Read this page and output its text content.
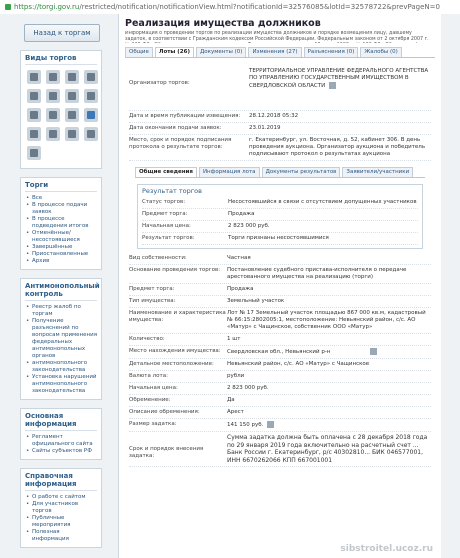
https://torgi.gov.ru/restricted/notification/notificationView.html?notificationId=32576085&lotId=32578722&prevPageN=0
Назад к торгам
Виды торгов
Торги
• Все
• В процессе подачи заявок
• В процессе подведения итогов
• Отменённые/несостоявшиеся
• Завершённые
• Приостановленные
• Архив
Антимонопольный контроль
• Реестр жалоб по торгам
• Получение разъяснений по вопросам применения федеральных антимонопольных органов
• антимонопольного законодательства
• Установка нарушений антимонопольного законодательства
Основная информация
• Регламент официального сайта
• Сайты субъектов РФ
Справочная информация
• О работе с сайтом
• Для участников торгов
• Публичные мероприятия
• Полезная информация
Реализация имущества должников
Информация о проведении торгов по реализации имущества должников и порядке возмещения лицу, давшему задаток, в соответствии с Гражданским кодексом Российской Федерации. Федеральным законом от 2 октября 2007 г.
Общие	Лоты (26)	Документы (0)	Изменения (27)	Разъяснения (0)	Жалобы (0)
Организатор торгов:
ТЕРРИТОРИАЛЬНОЕ УПРАВЛЕНИЕ ФЕДЕРАЛЬНОГО АГЕНТСТВА ПО УПРАВЛЕНИЮ ГОСУДАРСТВЕННЫМ ИМУЩЕСТВОМ В СВЕРДЛОВСКОЙ ОБЛАСТИ
Дата и время публикации извещения:	28.12.2018 05:32
Дата окончания подачи заявок:	23.01.2019
Место, срок и порядок подписания протокола о результате торгов:
г. Екатеринбург, ул. Восточная, д. 52, кабинет 306. В день проведения аукциона. Организатор аукциона и победитель подписывают протокол о результатах аукциона
Общие сведения	Информация лота	Документы результатов	Заявители/участники
Результат торгов
Статус торгов:	Несостоявшийся в связи с отсутствием допущенных участников
Предмет торга:	Продажа
Начальная цена:	2 823 000 руб.
Результат торгов:	Торги признаны несостоявшимися
Вид собственности:	Частная
Основание проведения торгов:	Постановление судебного пристава-исполнителя о передаче арестованного имущества на реализацию (торги)
Предмет торга:	Продажа
Тип имущества:	Земельный участок
Наименование и характеристика имущества:
Лот № 17 Земельный участок площадью 867 000 кв.м, кадастровый № 66:15:2802005:1, местоположение: Невьянский район, с/с. АО «Матур» с Чащинское, собственник ООО «Матур»
Количество:	1 шт
Место нахождения имущества:	Свердловская обл., Невьянский р-н
Детальное местоположение:	Невьянский район, с/с. АО «Матур» с Чащинское
Валюта лота:	рубли
Начальная цена:	2 823 000 руб.
Обременение:	Да
Описание обременения:	Арест
Размер задатка:	141 150 руб.
Срок и порядок внесения задатка:
Сумма задатка должна быть оплачена с 28 декабря 2018 года по 29 января 2019 года включительно на расчетный счет ... Банк России г. Екатеринбург, р/с 40302810... БИК 046577001, ИНН 6670262066 КПП 667001001
sibstroitel.ucoz.ru
